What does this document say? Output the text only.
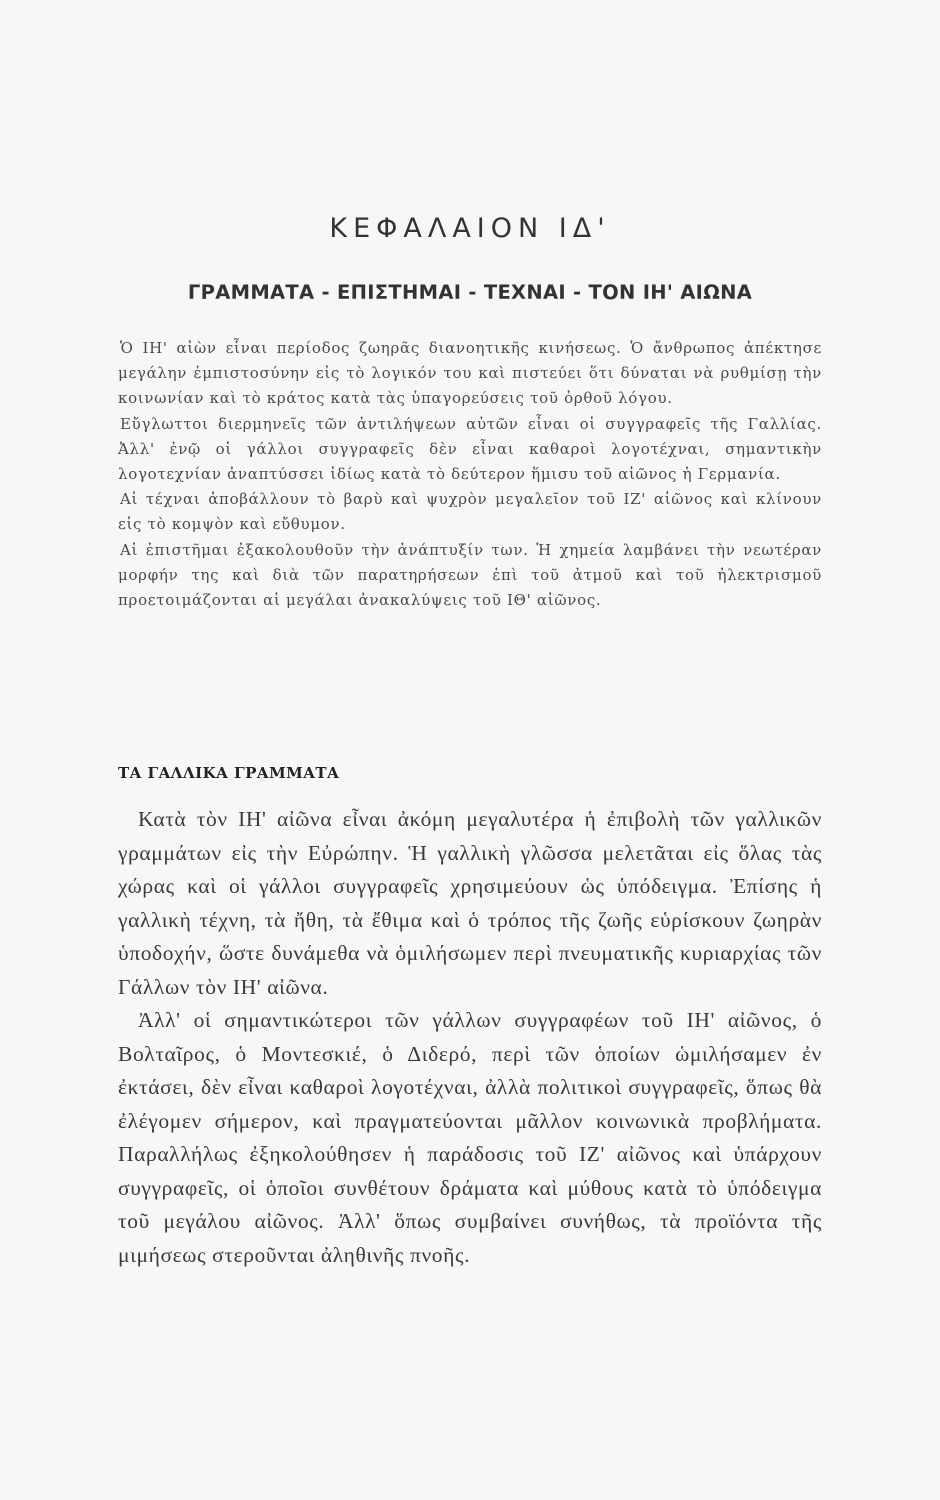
ΚΕΦΑΛΑΙΟΝ ΙΔ'
ΓΡΑΜΜΑΤΑ - ΕΠΙΣΤΗΜΑΙ - ΤΕΧΝΑΙ - ΤΟΝ ΙΗ' ΑΙΩΝΑ

Ὁ ΙΗ' αἰὼν εἶναι περίοδος ζωηρᾶς διανοητικῆς κινήσεως. Ὁ ἄνθρωπος ἀπέκτησε μεγάλην ἐμπιστοσύνην εἰς τὸ λογικόν του καὶ πιστεύει ὅτι δύναται νὰ ρυθμίσῃ τὴν κοινωνίαν καὶ τὸ κράτος κατὰ τὰς ὑπαγορεύσεις τοῦ ὀρθοῦ λόγου.

Εὔγλωττοι διερμηνεῖς τῶν ἀντιλήψεων αὐτῶν εἶναι οἱ συγγραφεῖς τῆς Γαλλίας. Ἀλλ' ἐνῷ οἱ γάλλοι συγγραφεῖς δὲν εἶναι καθαροὶ λογοτέχναι, σημαντικὴν λογοτεχνίαν ἀναπτύσσει ἰδίως κατὰ τὸ δεύτερον ἥμισυ τοῦ αἰῶνος ἡ Γερμανία.

Αἱ τέχναι ἀποβάλλουν τὸ βαρὺ καὶ ψυχρὸν μεγαλεῖον τοῦ ΙΖ' αἰῶνος καὶ κλίνουν εἰς τὸ κομψὸν καὶ εὔθυμον.

Αἱ ἐπιστῆμαι ἐξακολουθοῦν τὴν ἀνάπτυξίν των. Ἡ χημεία λαμβάνει τὴν νεωτέραν μορφήν της καὶ διὰ τῶν παρατηρήσεων ἐπὶ τοῦ ἀτμοῦ καὶ τοῦ ἠλεκτρισμοῦ προετοιμάζονται αἱ μεγάλαι ἀνακαλύψεις τοῦ ΙΘ' αἰῶνος.

ΤΑ ΓΑΛΛΙΚΑ ΓΡΑΜΜΑΤΑ

Κατὰ τὸν ΙΗ' αἰῶνα εἶναι ἀκόμη μεγαλυτέρα ἡ ἐπιβολὴ τῶν γαλλικῶν γραμμάτων εἰς τὴν Εὐρώπην. Ἡ γαλλικὴ γλῶσσα μελετᾶται εἰς ὅλας τὰς χώρας καὶ οἱ γάλλοι συγγραφεῖς χρησιμεύουν ὡς ὑπόδειγμα. Ἐπίσης ἡ γαλλικὴ τέχνη, τὰ ἤθη, τὰ ἔθιμα καὶ ὁ τρόπος τῆς ζωῆς εὑρίσκουν ζωηρὰν ὑποδοχήν, ὥστε δυνάμεθα νὰ ὁμιλήσωμεν περὶ πνευματικῆς κυριαρχίας τῶν Γάλλων τὸν ΙΗ' αἰῶνα.

Ἀλλ' οἱ σημαντικώτεροι τῶν γάλλων συγγραφέων τοῦ ΙΗ' αἰῶνος, ὁ Βολταῖρος, ὁ Μοντεσκιέ, ὁ Διδερό, περὶ τῶν ὁποίων ὡμιλήσαμεν ἐν ἐκτάσει, δὲν εἶναι καθαροὶ λογοτέχναι, ἀλλὰ πολιτικοὶ συγγραφεῖς, ὅπως θὰ ἐλέγομεν σήμερον, καὶ πραγματεύονται μᾶλλον κοινωνικὰ προβλήματα. Παραλλήλως ἐξηκολούθησεν ἡ παράδοσις τοῦ ΙΖ' αἰῶνος καὶ ὑπάρχουν συγγραφεῖς, οἱ ὁποῖοι συνθέτουν δράματα καὶ μύθους κατὰ τὸ ὑπόδειγμα τοῦ μεγάλου αἰῶνος. Ἀλλ' ὅπως συμβαίνει συνήθως, τὰ προϊόντα τῆς μιμήσεως στεροῦνται ἀληθινῆς πνοῆς.
